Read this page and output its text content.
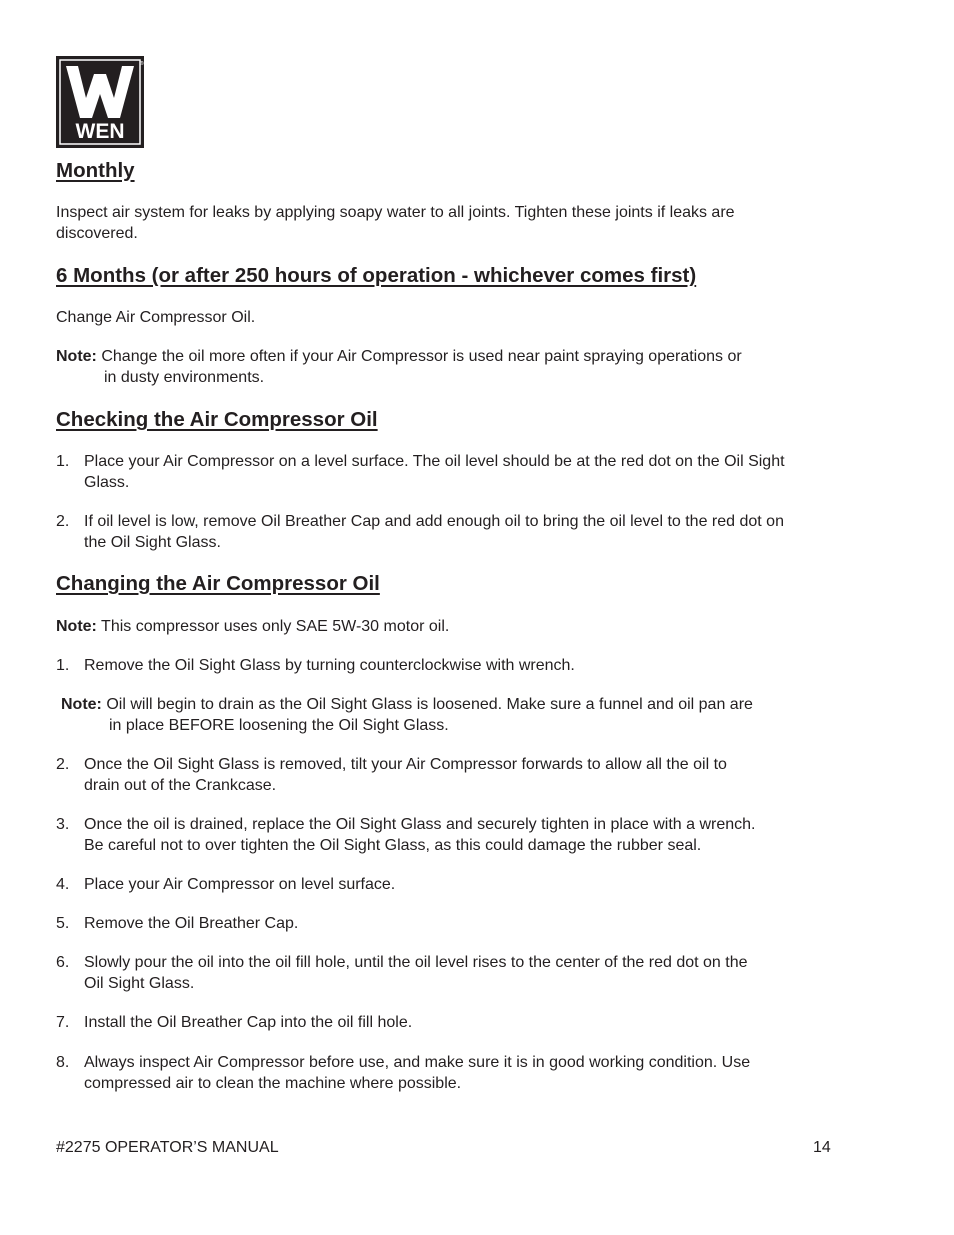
WEN
®
Monthly
Inspect air system for leaks by applying soapy water to all joints. Tighten these joints if leaks are
discovered.
6 Months (or after 250 hours of operation - whichever comes first)
Change Air Compressor Oil.
Note: Change the oil more often if your Air Compressor is used near paint spraying operations or
in dusty environments.
Checking the Air Compressor Oil
1. Place your Air Compressor on a level surface. The oil level should be at the red dot on the Oil Sight
Glass.
2. If oil level is low, remove Oil Breather Cap and add enough oil to bring the oil level to the red dot on
the Oil Sight Glass.
Changing the Air Compressor Oil
Note: This compressor uses only SAE 5W-30 motor oil.
1. Remove the Oil Sight Glass by turning counterclockwise with wrench.
Note: Oil will begin to drain as the Oil Sight Glass is loosened. Make sure a funnel and oil pan are
in place BEFORE loosening the Oil Sight Glass.
2. Once the Oil Sight Glass is removed, tilt your Air Compressor forwards to allow all the oil to
drain out of the Crankcase.
3. Once the oil is drained, replace the Oil Sight Glass and securely tighten in place with a wrench.
Be careful not to over tighten the Oil Sight Glass, as this could damage the rubber seal.
4. Place your Air Compressor on level surface.
5. Remove the Oil Breather Cap.
6. Slowly pour the oil into the oil fill hole, until the oil level rises to the center of the red dot on the
Oil Sight Glass.
7. Install the Oil Breather Cap into the oil fill hole.
8. Always inspect Air Compressor before use, and make sure it is in good working condition. Use
compressed air to clean the machine where possible.
#2275 OPERATOR’S MANUAL	14
